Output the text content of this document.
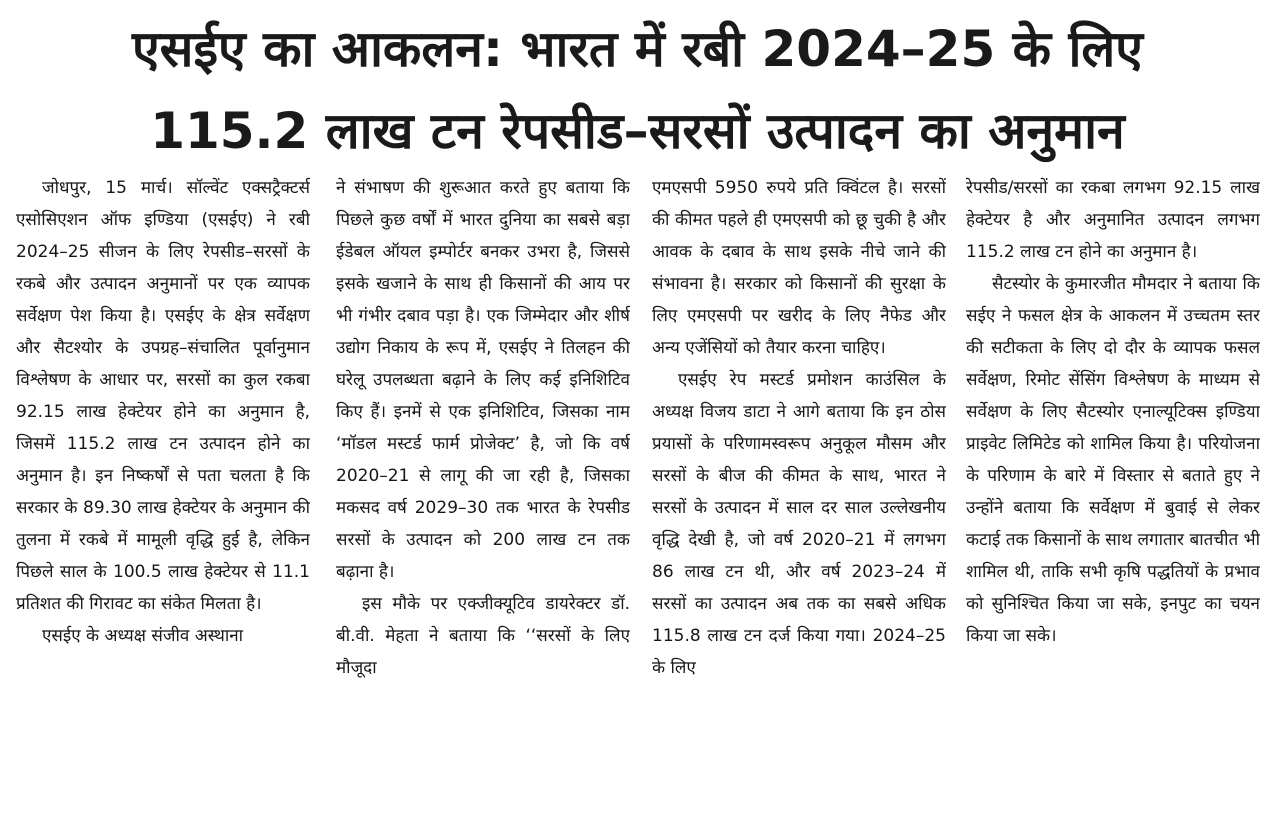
एसईए का आकलन: भारत में रबी 2024–25 के लिए
115.2 लाख टन रेपसीड–सरसों उत्पादन का अनुमान

जोधपुर, 15 मार्च। सॉल्वेंट एक्सट्रैक्टर्स एसोसिएशन ऑफ इण्डिया (एसईए) ने रबी 2024–25 सीजन के लिए रेपसीड–सरसों के रकबे और उत्पादन अनुमानों पर एक व्यापक सर्वेक्षण पेश किया है। एसईए के क्षेत्र सर्वेक्षण और सैटश्योर के उपग्रह–संचालित पूर्वानुमान विश्लेषण के आधार पर, सरसों का कुल रकबा 92.15 लाख हेक्टेयर होने का अनुमान है, जिसमें 115.2 लाख टन उत्पादन होने का अनुमान है। इन निष्कर्षों से पता चलता है कि सरकार के 89.30 लाख हेक्टेयर के अनुमान की तुलना में रकबे में मामूली वृद्धि हुई है, लेकिन पिछले साल के 100.5 लाख हेक्टेयर से 11.1 प्रतिशत की गिरावट का संकेत मिलता है।

एसईए के अध्यक्ष संजीव अस्थाना

ने संभाषण की शुरूआत करते हुए बताया कि पिछले कुछ वर्षों में भारत दुनिया का सबसे बड़ा ईडेबल ऑयल इम्पोर्टर बनकर उभरा है, जिससे इसके खजाने के साथ ही किसानों की आय पर भी गंभीर दबाव पड़ा है। एक जिम्मेदार और शीर्ष उद्योग निकाय के रूप में, एसईए ने तिलहन की घरेलू उपलब्धता बढ़ाने के लिए कई इनिशिटिव किए हैं। इनमें से एक इनिशिटिव, जिसका नाम ‘मॉडल मस्टर्ड फार्म प्रोजेक्ट’ है, जो कि वर्ष 2020–21 से लागू की जा रही है, जिसका मकसद वर्ष 2029–30 तक भारत के रेपसीड सरसों के उत्पादन को 200 लाख टन तक बढ़ाना है।

इस मौके पर एक्जीक्यूटिव डायरेक्टर डॉ. बी.वी. मेहता ने बताया कि ‘‘सरसों के लिए मौजूदा

एमएसपी 5950 रुपये प्रति क्विंटल है। सरसों की कीमत पहले ही एमएसपी को छू चुकी है और आवक के दबाव के साथ इसके नीचे जाने की संभावना है। सरकार को किसानों की सुरक्षा के लिए एमएसपी पर खरीद के लिए नैफेड और अन्य एजेंसियों को तैयार करना चाहिए।

एसईए रेप मस्टर्ड प्रमोशन काउंसिल के अध्यक्ष विजय डाटा ने आगे बताया कि इन ठोस प्रयासों के परिणामस्वरूप अनुकूल मौसम और सरसों के बीज की कीमत के साथ, भारत ने सरसों के उत्पादन में साल दर साल उल्लेखनीय वृद्धि देखी है, जो वर्ष 2020–21 में लगभग 86 लाख टन थी, और वर्ष 2023–24 में सरसों का उत्पादन अब तक का सबसे अधिक 115.8 लाख टन दर्ज किया गया। 2024–25 के लिए

रेपसीड/सरसों का रकबा लगभग 92.15 लाख हेक्टेयर है और अनुमानित उत्पादन लगभग 115.2 लाख टन होने का अनुमान है।

सैटस्योर के कुमारजीत मौमदार ने बताया कि सईए ने फसल क्षेत्र के आकलन में उच्चतम स्तर की सटीकता के लिए दो दौर के व्यापक फसल सर्वेक्षण, रिमोट सेंसिंग विश्लेषण के माध्यम से सर्वेक्षण के लिए सैटस्योर एनाल्यूटिक्स इण्डिया प्राइवेट लिमिटेड को शामिल किया है। परियोजना के परिणाम के बारे में विस्तार से बताते हुए ने उन्होंने बताया कि सर्वेक्षण में बुवाई से लेकर कटाई तक किसानों के साथ लगातार बातचीत भी शामिल थी, ताकि सभी कृषि पद्धतियों के प्रभाव को सुनिश्चित किया जा सके, इनपुट का चयन किया जा सके।
